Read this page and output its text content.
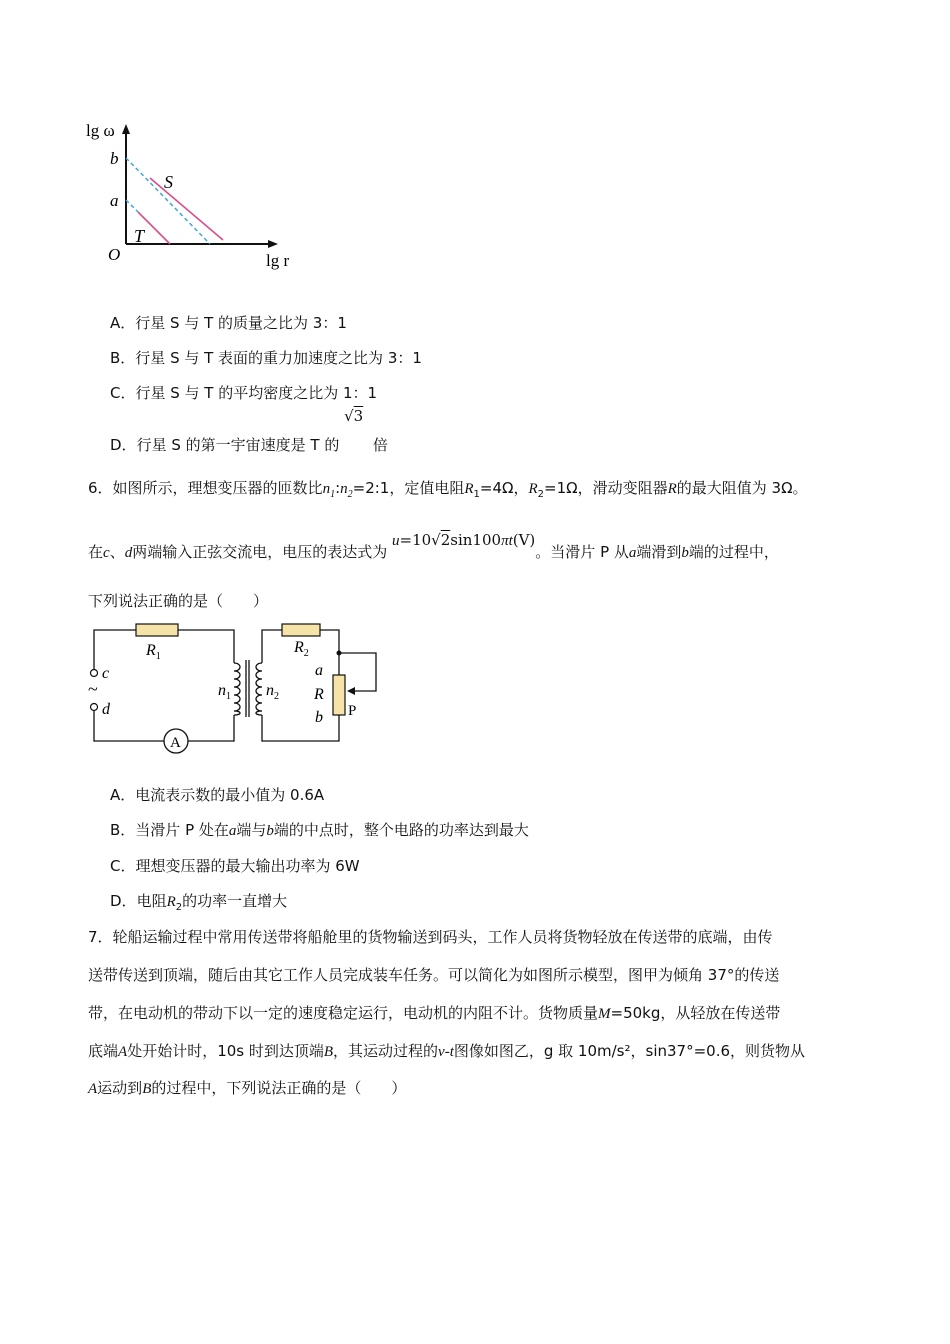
lg ω
lg r
O
b
a
S
T
A．行星 S 与 T 的质量之比为 3：1
B．行星 S 与 T 表面的重力加速度之比为 3：1
C．行星 S 与 T 的平均密度之比为 1：1
D．行星 S 的第一宇宙速度是 T 的
√3
倍
6．如图所示，理想变压器的匝数比$n_1:n_2=2:1$，定值电阻$R_1=4\Omega$，$R_2=1\Omega$，滑动变阻器R的最大阻值为 3Ω。
在c、d两端输入正弦交流电，电压的表达式为 u=10√2sin100πt(V)。当滑片 P 从a端滑到b端的过程中，
下列说法正确的是（　　）
$R_1$
$R_2$
c
~
d
$n_1$ $n_2$
a
R
b P
A
A．电流表示数的最小值为 0.6A
B．当滑片 P 处在a端与b端的中点时，整个电路的功率达到最大
C．理想变压器的最大输出功率为 6W
D．电阻$R_2$的功率一直增大
7．轮船运输过程中常用传送带将船舱里的货物输送到码头，工作人员将货物轻放在传送带的底端，由传
送带传送到顶端，随后由其它工作人员完成装车任务。可以简化为如图所示模型，图甲为倾角 37°的传送
带，在电动机的带动下以一定的速度稳定运行，电动机的内阻不计。货物质量M=50kg，从轻放在传送带
底端A处开始计时，10s 时到达顶端B，其运动过程的v-t图像如图乙，g 取 10m/s²，sin37°=0.6，则货物从
A运动到B的过程中，下列说法正确的是（　　）
